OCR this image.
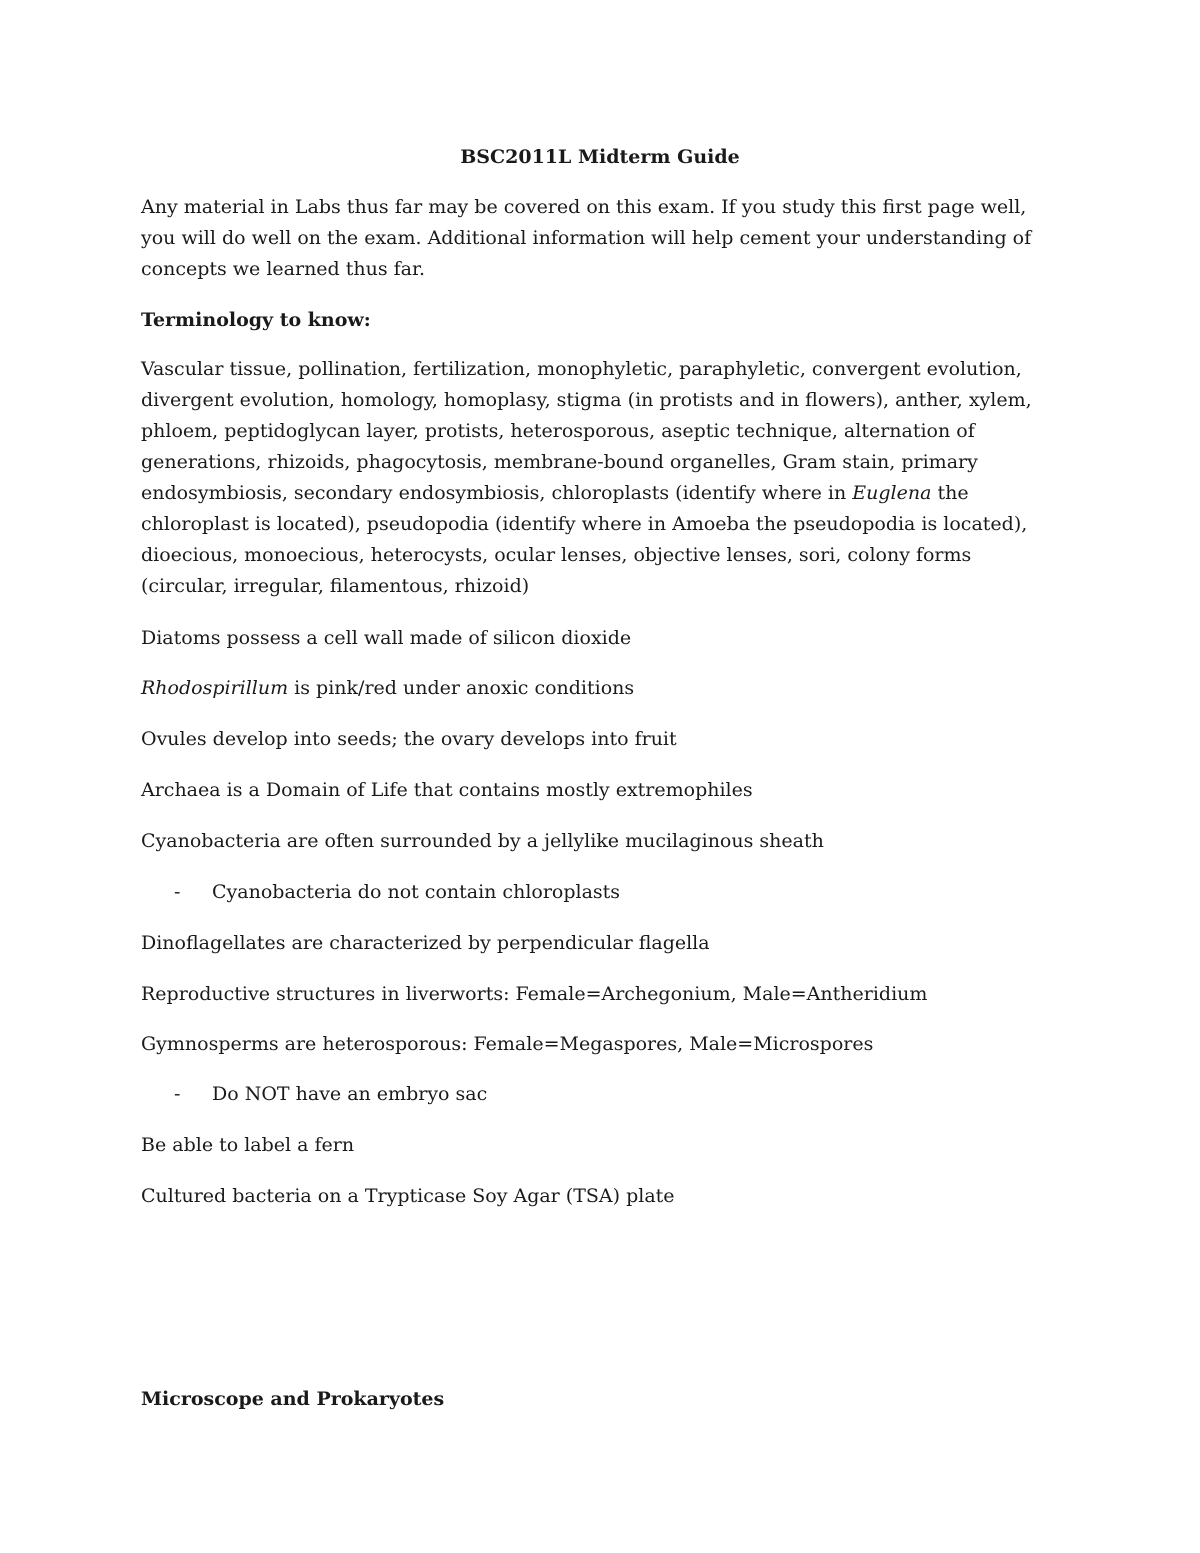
BSC2011L Midterm Guide

Any material in Labs thus far may be covered on this exam. If you study this first page well, you will do well on the exam. Additional information will help cement your understanding of concepts we learned thus far.

Terminology to know:

Vascular tissue, pollination, fertilization, monophyletic, paraphyletic, convergent evolution, divergent evolution, homology, homoplasy, stigma (in protists and in flowers), anther, xylem, phloem, peptidoglycan layer, protists, heterosporous, aseptic technique, alternation of generations, rhizoids, phagocytosis, membrane-bound organelles, Gram stain, primary endosymbiosis, secondary endosymbiosis, chloroplasts (identify where in Euglena the chloroplast is located), pseudopodia (identify where in Amoeba the pseudopodia is located), dioecious, monoecious, heterocysts, ocular lenses, objective lenses, sori, colony forms (circular, irregular, filamentous, rhizoid)

Diatoms possess a cell wall made of silicon dioxide

Rhodospirillum is pink/red under anoxic conditions

Ovules develop into seeds; the ovary develops into fruit

Archaea is a Domain of Life that contains mostly extremophiles

Cyanobacteria are often surrounded by a jellylike mucilaginous sheath

- Cyanobacteria do not contain chloroplasts

Dinoflagellates are characterized by perpendicular flagella

Reproductive structures in liverworts: Female=Archegonium, Male=Antheridium

Gymnosperms are heterosporous: Female=Megaspores, Male=Microspores

- Do NOT have an embryo sac

Be able to label a fern

Cultured bacteria on a Trypticase Soy Agar (TSA) plate

Microscope and Prokaryotes
